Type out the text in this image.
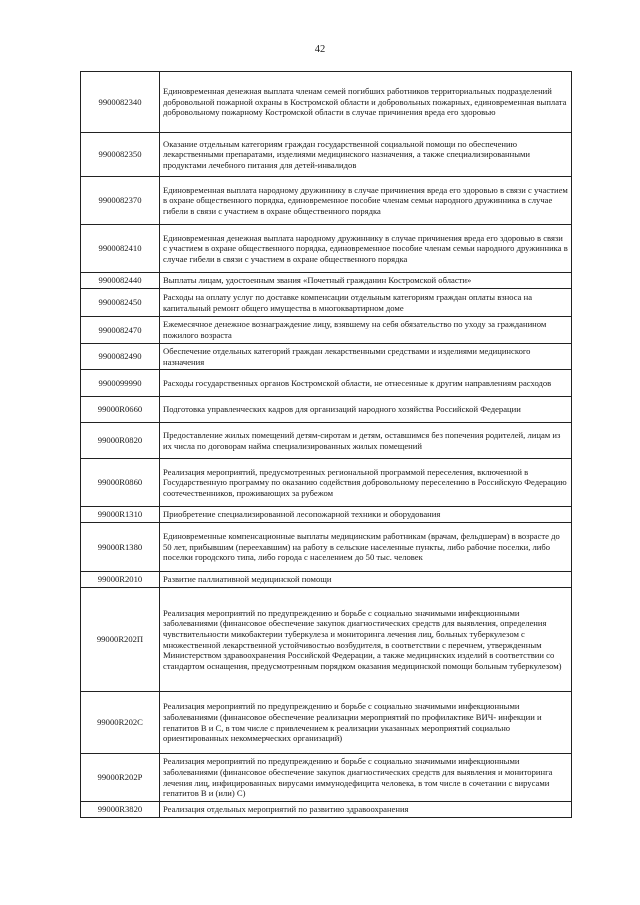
42
9900082340	Единовременная денежная выплата членам семей погибших работников территориальных подразделений добровольной пожарной охраны в Костромской области и добровольных пожарных, единовременная выплата добровольному пожарному Костромской области в случае причинения вреда его здоровью
9900082350	Оказание отдельным категориям граждан государственной социальной помощи по обеспечению лекарственными препаратами, изделиями медицинского назначения, а также специализированными продуктами лечебного питания для детей-инвалидов
9900082370	Единовременная выплата народному дружиннику в случае причинения вреда его здоровью в связи с участием в охране общественного порядка, единовременное пособие членам семьи народного дружинника в случае гибели в связи с участием в охране общественного порядка
9900082410	Единовременная денежная выплата народному дружиннику в случае причинения вреда его здоровью в связи с участием в охране общественного порядка, единовременное пособие членам семьи народного дружинника в случае гибели в связи с участием в охране общественного порядка
9900082440	Выплаты лицам, удостоенным звания «Почетный гражданин Костромской области»
9900082450	Расходы на оплату услуг по доставке компенсации отдельным категориям граждан оплаты взноса на капитальный ремонт общего имущества в многоквартирном доме
9900082470	Ежемесячное денежное вознаграждение лицу, взявшему на себя обязательство по уходу за гражданином пожилого возраста
9900082490	Обеспечение отдельных категорий граждан лекарственными средствами и изделиями медицинского назначения
9900099990	Расходы государственных органов Костромской области, не отнесенные к другим направлениям расходов
99000R0660	Подготовка управленческих кадров для организаций народного хозяйства Российской Федерации
99000R0820	Предоставление жилых помещений детям-сиротам и детям, оставшимся без попечения родителей, лицам из их числа по договорам найма специализированных жилых помещений
99000R0860	Реализация мероприятий, предусмотренных региональной программой переселения, включенной в Государственную программу по оказанию содействия добровольному переселению в Российскую Федерацию соотечественников, проживающих за рубежом
99000R1310	Приобретение специализированной лесопожарной техники и оборудования
99000R1380	Единовременные компенсационные выплаты медицинским работникам (врачам, фельдшерам) в возрасте до 50 лет, прибывшим (переехавшим) на работу в сельские населенные пункты, либо рабочие поселки, либо поселки городского типа, либо города с населением до 50 тыс. человек
99000R2010	Развитие паллиативной медицинской помощи
99000R202П	Реализация мероприятий по предупреждению и борьбе с социально значимыми инфекционными заболеваниями (финансовое обеспечение закупок диагностических средств для выявления, определения чувствительности микобактерии туберкулеза и мониторинга лечения лиц, больных туберкулезом с множественной лекарственной устойчивостью возбудителя, в соответствии с перечнем, утвержденным Министерством здравоохранения Российской Федерации, а также медицинских изделий в соответствии со стандартом оснащения, предусмотренным порядком оказания медицинской помощи больным туберкулезом)
99000R202С	Реализация мероприятий по предупреждению и борьбе с социально значимыми инфекционными заболеваниями (финансовое обеспечение реализации мероприятий по профилактике ВИЧ- инфекции и гепатитов В и С, в том числе с привлечением к реализации указанных мероприятий социально ориентированных некоммерческих организаций)
99000R202Р	Реализация мероприятий по предупреждению и борьбе с социально значимыми инфекционными заболеваниями (финансовое обеспечение закупок диагностических средств для выявления и мониторинга лечения лиц, инфицированных вирусами иммунодефицита человека, в том числе в сочетании с вирусами гепатитов В и (или) С)
99000R3820	Реализация отдельных мероприятий по развитию здравоохранения
